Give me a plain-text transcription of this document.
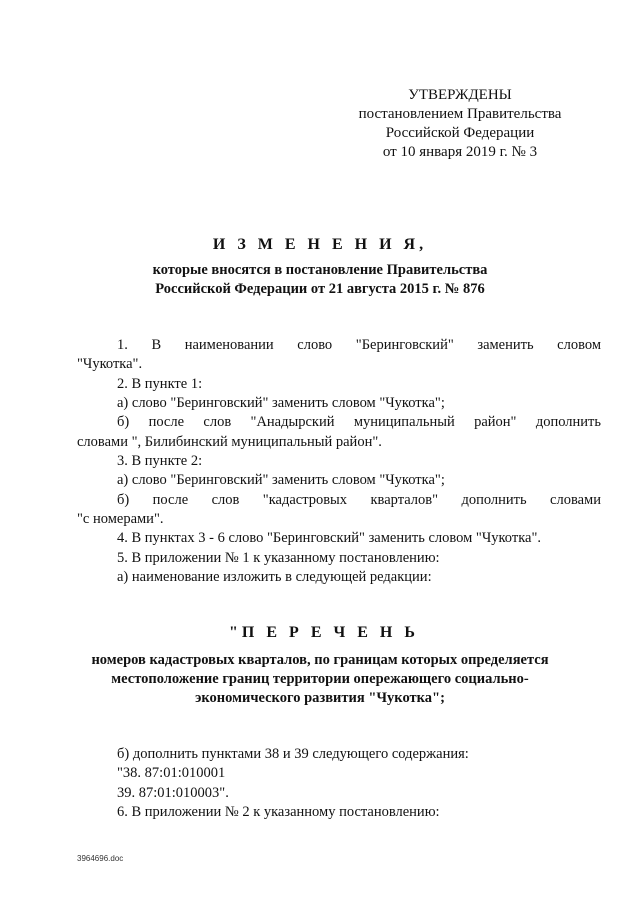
УТВЕРЖДЕНЫ
постановлением Правительства
Российской Федерации
от 10 января 2019 г. № 3
И З М Е Н Е Н И Я,
которые вносятся в постановление Правительства
Российской Федерации от 21 августа 2015 г. № 876
1. В наименовании слово "Беринговский" заменить словом
"Чукотка".
2. В пункте 1:
а) слово "Беринговский" заменить словом "Чукотка";
б) после слов "Анадырский муниципальный район" дополнить
словами ", Билибинский муниципальный район".
3. В пункте 2:
а) слово "Беринговский" заменить словом "Чукотка";
б) после слов "кадастровых кварталов" дополнить словами
"с номерами".
4. В пунктах 3 - 6 слово "Беринговский" заменить словом "Чукотка".
5. В приложении № 1 к указанному постановлению:
а) наименование изложить в следующей редакции:
"П Е Р Е Ч Е Н Ь
номеров кадастровых кварталов, по границам которых определяется
местоположение границ территории опережающего социально-
экономического развития "Чукотка";
б) дополнить пунктами 38 и 39 следующего содержания:
"38. 87:01:010001
39. 87:01:010003".
6. В приложении № 2 к указанному постановлению:
3964696.doc
